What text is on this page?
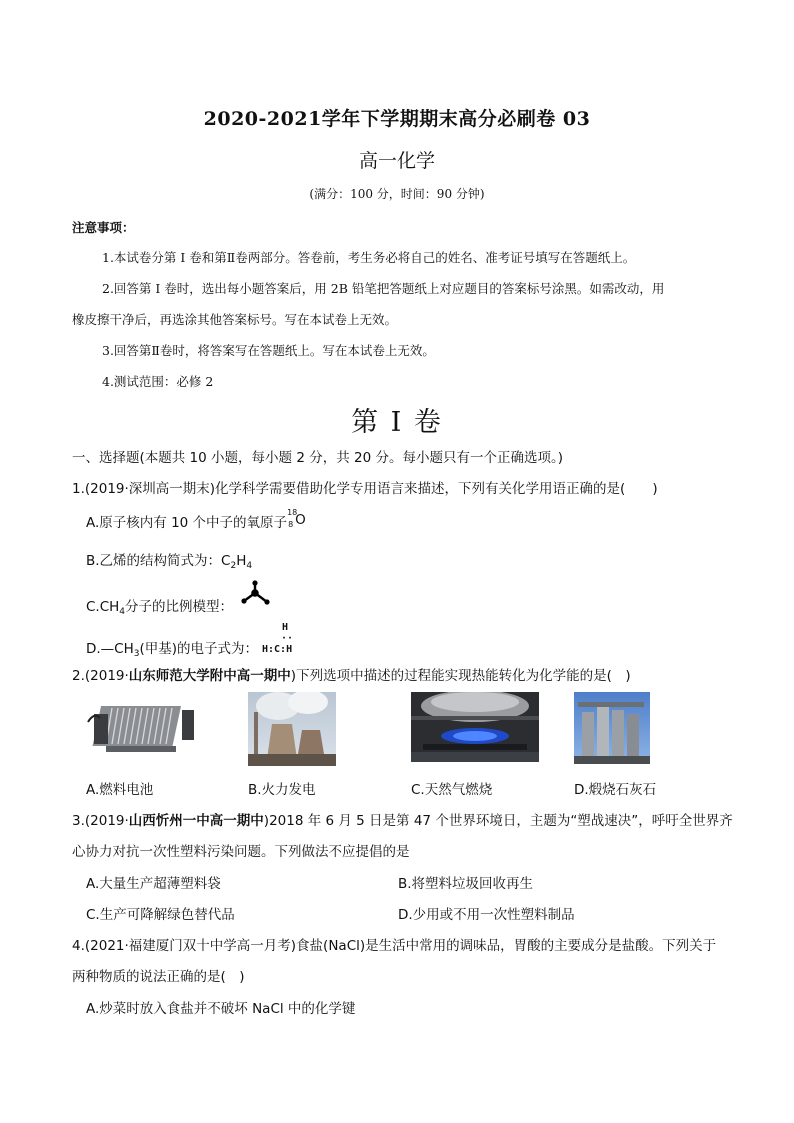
2020-2021学年下学期期末高分必刷卷 03
高一化学
(满分：100 分，时间：90 分钟)
注意事项：
1.本试卷分第 I 卷和第Ⅱ卷两部分。答卷前，考生务必将自己的姓名、准考证号填写在答题纸上。
2.回答第 I 卷时，选出每小题答案后，用 2B 铅笔把答题纸上对应题目的答案标号涂黑。如需改动，用
橡皮擦干净后，再选涂其他答案标号。写在本试卷上无效。
3.回答第Ⅱ卷时，将答案写在答题纸上。写在本试卷上无效。
4.测试范围：必修 2
第 I 卷
一、选择题(本题共 10 小题，每小题 2 分，共 20 分。每小题只有一个正确选项。)
1.(2019·深圳高一期末)化学科学需要借助化学专用语言来描述，下列有关化学用语正确的是(　　)
A.原子核内有 10 个中子的氧原子
18
8 O
B.乙烯的结构简式为：$C_2H_4$
$C.CH_4$分子的比例模型：
$D.—CH_3$(甲基)的电子式为：
H
··
H:C:H
2.(2019·山东师范大学附中高一期中)下列选项中描述的过程能实现热能转化为化学能的是(　)
A.燃料电池	B.火力发电	C.天然气燃烧	D.煅烧石灰石
3.(2019·山西忻州一中高一期中)2018 年 6 月 5 日是第 47 个世界环境日，主题为“塑战速决”，呼吁全世界齐
心协力对抗一次性塑料污染问题。下列做法不应提倡的是
A.大量生产超薄塑料袋	B.将塑料垃圾回收再生
C.生产可降解绿色替代品	D.少用或不用一次性塑料制品
4.(2021·福建厦门双十中学高一月考)食盐(NaCl)是生活中常用的调味品，胃酸的主要成分是盐酸。下列关于
两种物质的说法正确的是(　)
A.炒菜时放入食盐并不破坏 NaCl 中的化学键
